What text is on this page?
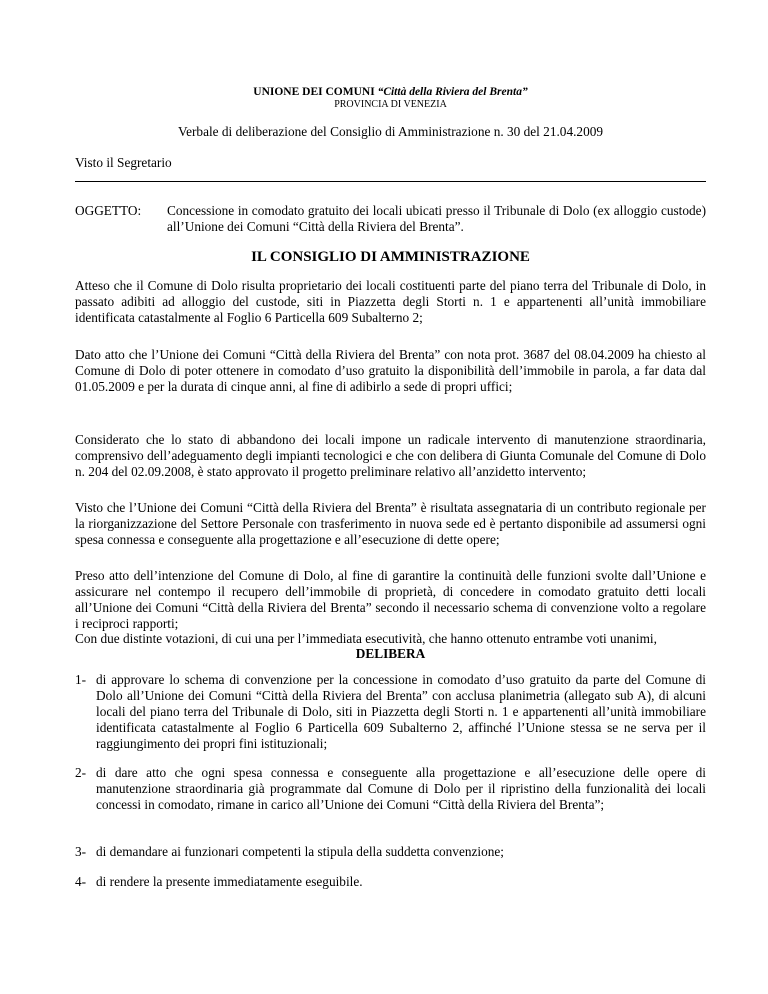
UNIONE DEI COMUNI “Città della Riviera del Brenta”
PROVINCIA DI VENEZIA
Verbale di deliberazione del Consiglio di Amministrazione n. 30 del 21.04.2009
Visto il Segretario
OGGETTO: Concessione in comodato gratuito dei locali ubicati presso il Tribunale di Dolo (ex alloggio custode) all’Unione dei Comuni “Città della Riviera del Brenta”.
IL CONSIGLIO DI AMMINISTRAZIONE
Atteso che il Comune di Dolo risulta proprietario dei locali costituenti parte del piano terra del Tribunale di Dolo, in passato adibiti ad alloggio del custode, siti in Piazzetta degli Storti n. 1 e appartenenti all’unità immobiliare identificata catastalmente al Foglio 6 Particella 609 Subalterno 2;
Dato atto che l’Unione dei Comuni “Città della Riviera del Brenta” con nota prot. 3687 del 08.04.2009 ha chiesto al Comune di Dolo di poter ottenere in comodato d’uso gratuito la disponibilità dell’immobile in parola, a far data dal 01.05.2009 e per la durata di cinque anni, al fine di adibirlo a sede di propri uffici;
Considerato che lo stato di abbandono dei locali impone un radicale intervento di manutenzione straordinaria, comprensivo dell’adeguamento degli impianti tecnologici e che con delibera di Giunta Comunale del Comune di Dolo n. 204 del 02.09.2008, è stato approvato il progetto preliminare relativo all’anzidetto intervento;
Visto che l’Unione dei Comuni “Città della Riviera del Brenta” è risultata assegnataria di un contributo regionale per la riorganizzazione del Settore Personale con trasferimento in nuova sede ed è pertanto disponibile ad assumersi ogni spesa connessa e conseguente alla progettazione e all’esecuzione di dette opere;
Preso atto dell’intenzione del Comune di Dolo, al fine di garantire la continuità delle funzioni svolte dall’Unione e assicurare nel contempo il recupero dell’immobile di proprietà, di concedere in comodato gratuito detti locali all’Unione dei Comuni “Città della Riviera del Brenta” secondo il necessario schema di convenzione volto a regolare i reciproci rapporti;
Con due distinte votazioni, di cui una per l’immediata esecutività, che hanno ottenuto entrambe voti unanimi,
DELIBERA
1- di approvare lo schema di convenzione per la concessione in comodato d’uso gratuito da parte del Comune di Dolo all’Unione dei Comuni “Città della Riviera del Brenta” con acclusa planimetria (allegato sub A), di alcuni locali del piano terra del Tribunale di Dolo, siti in Piazzetta degli Storti n. 1 e appartenenti all’unità immobiliare identificata catastalmente al Foglio 6 Particella 609 Subalterno 2, affinché l’Unione stessa se ne serva per il raggiungimento dei propri fini istituzionali;
2- di dare atto che ogni spesa connessa e conseguente alla progettazione e all’esecuzione delle opere di manutenzione straordinaria già programmate dal Comune di Dolo per il ripristino della funzionalità dei locali concessi in comodato, rimane in carico all’Unione dei Comuni “Città della Riviera del Brenta”;
3- di demandare ai funzionari competenti la stipula della suddetta convenzione;
4- di rendere la presente immediatamente eseguibile.
